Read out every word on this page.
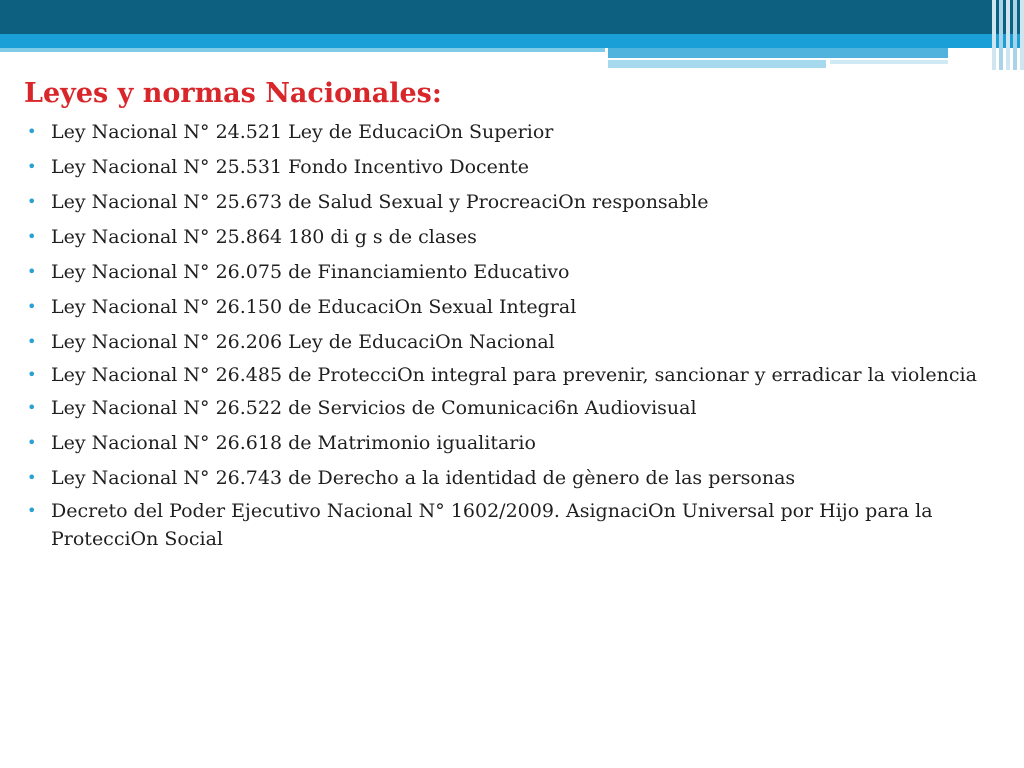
Leyes y normas Nacionales:
• Ley Nacional N° 24.521 Ley de EducaciOn Superior
• Ley Nacional N° 25.531 Fondo Incentivo Docente
• Ley Nacional N° 25.673 de Salud Sexual y ProcreaciOn responsable
• Ley Nacional N° 25.864 180 di g s de clases
• Ley Nacional N° 26.075 de Financiamiento Educativo
• Ley Nacional N° 26.150 de EducaciOn Sexual Integral
• Ley Nacional N° 26.206 Ley de EducaciOn Nacional
• Ley Nacional N° 26.485 de ProtecciOn integral para prevenir, sancionar y erradicar la violencia
• Ley Nacional N° 26.522 de Servicios de Comunicaci6n Audiovisual
• Ley Nacional N° 26.618 de Matrimonio igualitario
• Ley Nacional N° 26.743 de Derecho a la identidad de gènero de las personas
• Decreto del Poder Ejecutivo Nacional N° 1602/2009. AsignaciOn Universal por Hijo para la ProtecciOn Social
